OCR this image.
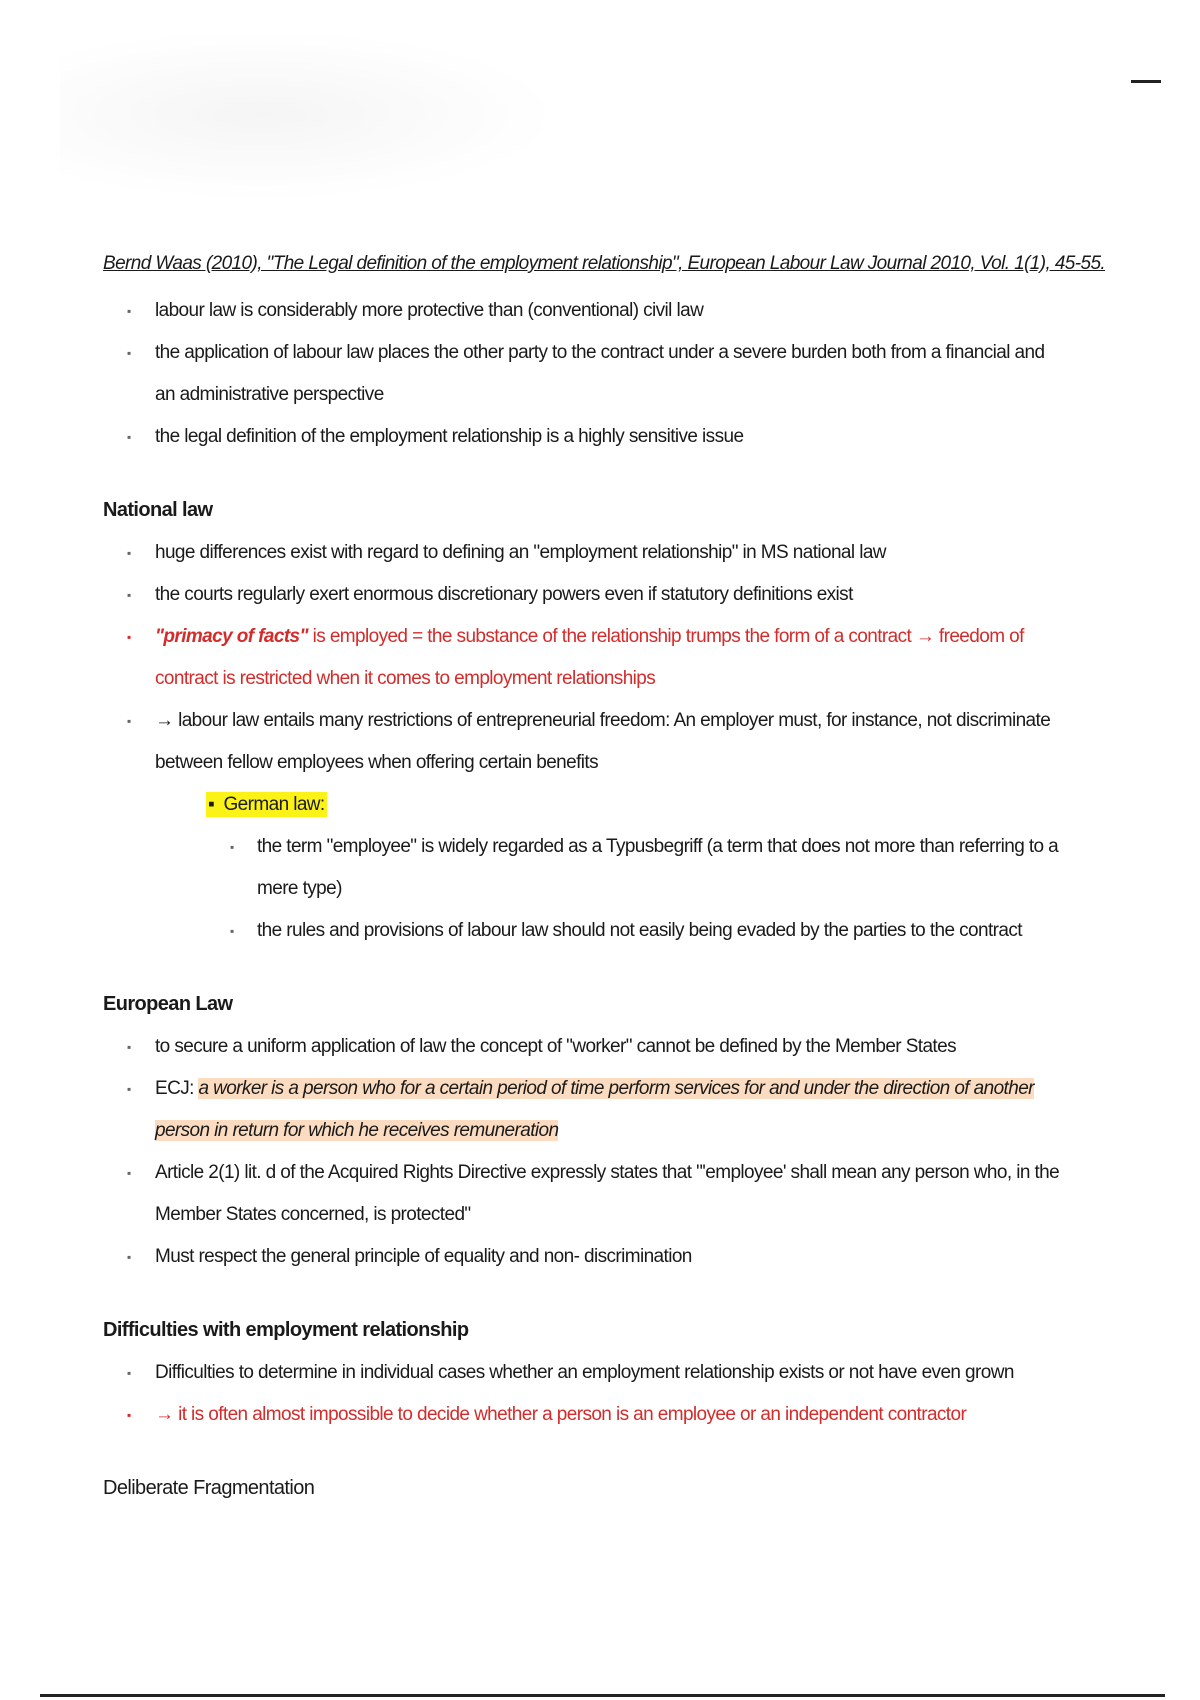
Bernd Waas (2010), "The Legal definition of the employment relationship", European Labour Law Journal 2010, Vol. 1(1), 45-55.
▪	labour law is considerably more protective than (conventional) civil law
▪	the application of labour law places the other party to the contract under a severe burden both from a financial and an administrative perspective
▪	the legal definition of the employment relationship is a highly sensitive issue
National law
▪	huge differences exist with regard to defining an "employment relationship" in MS national law
▪	the courts regularly exert enormous discretionary powers even if statutory definitions exist
▪	"primacy of facts" is employed = the substance of the relationship trumps the form of a contract → freedom of contract is restricted when it comes to employment relationships
▪	→ labour law entails many restrictions of entrepreneurial freedom: An employer must, for instance, not discriminate between fellow employees when offering certain benefits
▪ German law:
▪	the term "employee" is widely regarded as a Typusbegriff (a term that does not more than referring to a mere type)
▪	the rules and provisions of labour law should not easily being evaded by the parties to the contract
European Law
▪	to secure a uniform application of law the concept of "worker" cannot be defined by the Member States
▪	ECJ: a worker is a person who for a certain period of time perform services for and under the direction of another person in return for which he receives remuneration
▪	Article 2(1) lit. d of the Acquired Rights Directive expressly states that "'employee' shall mean any person who, in the Member States concerned, is protected"
▪	Must respect the general principle of equality and non- discrimination
Difficulties with employment relationship
▪	Difficulties to determine in individual cases whether an employment relationship exists or not have even grown
▪	→ it is often almost impossible to decide whether a person is an employee or an independent contractor
Deliberate Fragmentation
